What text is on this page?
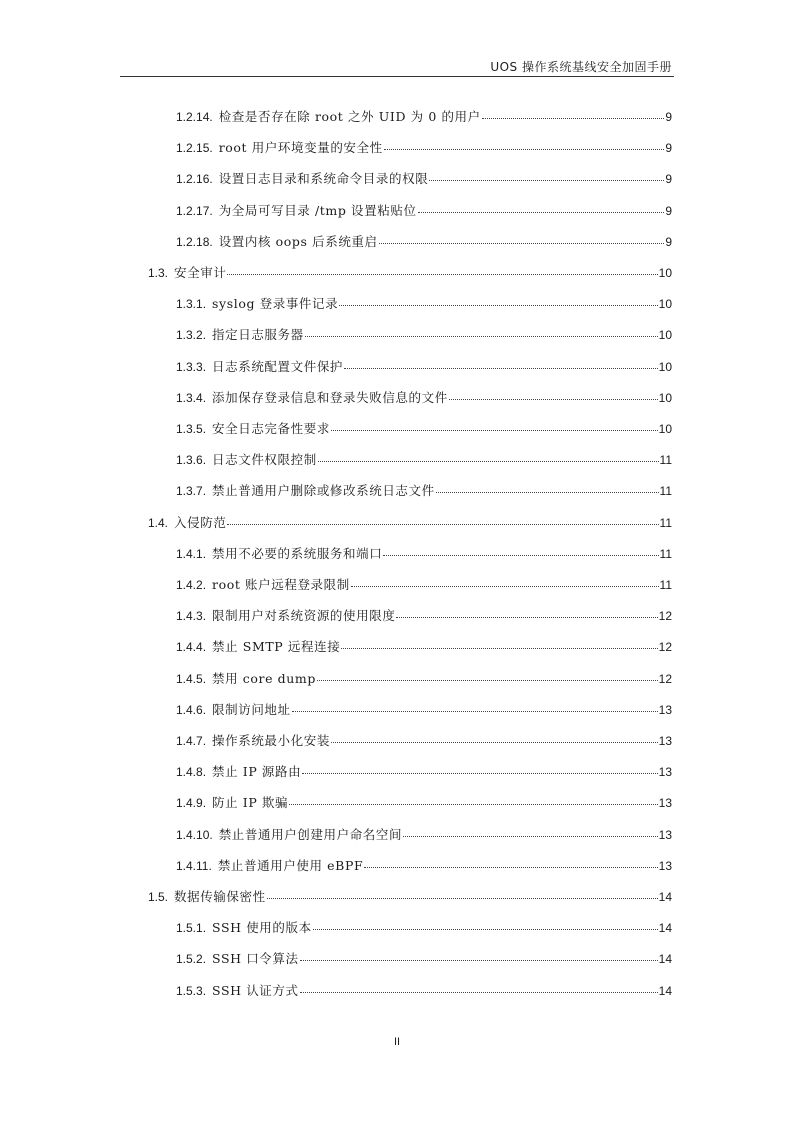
UOS 操作系统基线安全加固手册
1.2.14. 检查是否存在除 root 之外 UID 为 0 的用户	9
1.2.15. root 用户环境变量的安全性	9
1.2.16. 设置日志目录和系统命令目录的权限	9
1.2.17. 为全局可写目录 /tmp 设置粘贴位	9
1.2.18. 设置内核 oops 后系统重启	9
1.3. 安全审计	10
1.3.1. syslog 登录事件记录	10
1.3.2. 指定日志服务器	10
1.3.3. 日志系统配置文件保护	10
1.3.4. 添加保存登录信息和登录失败信息的文件	10
1.3.5. 安全日志完备性要求	10
1.3.6. 日志文件权限控制	11
1.3.7. 禁止普通用户删除或修改系统日志文件	11
1.4. 入侵防范	11
1.4.1. 禁用不必要的系统服务和端口	11
1.4.2. root 账户远程登录限制	11
1.4.3. 限制用户对系统资源的使用限度	12
1.4.4. 禁止 SMTP 远程连接	12
1.4.5. 禁用 core dump	12
1.4.6. 限制访问地址	13
1.4.7. 操作系统最小化安装	13
1.4.8. 禁止 IP 源路由	13
1.4.9. 防止 IP 欺骗	13
1.4.10. 禁止普通用户创建用户命名空间	13
1.4.11. 禁止普通用户使用 eBPF	13
1.5. 数据传输保密性	14
1.5.1. SSH 使用的版本	14
1.5.2. SSH 口令算法	14
1.5.3. SSH 认证方式	14
II
